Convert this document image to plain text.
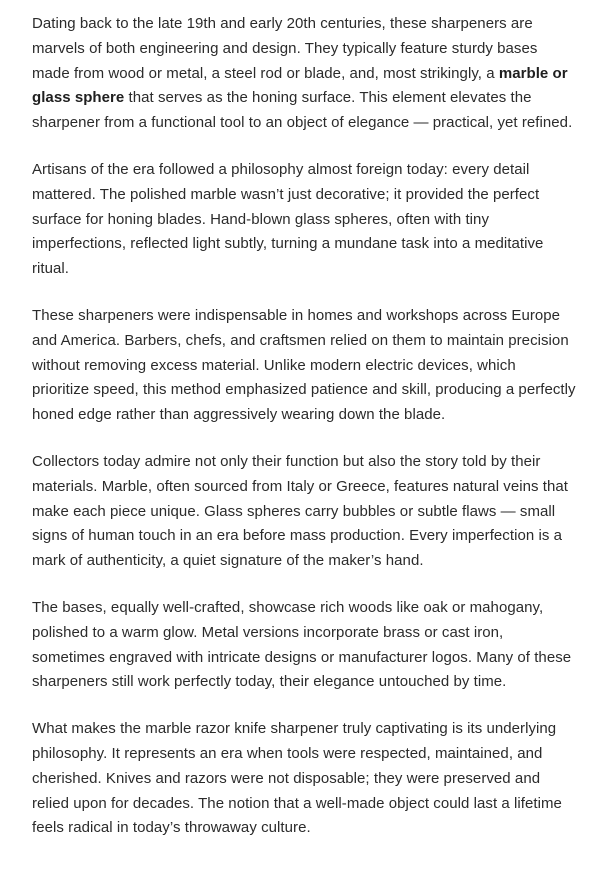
Dating back to the late 19th and early 20th centuries, these sharpeners are marvels of both engineering and design. They typically feature sturdy bases made from wood or metal, a steel rod or blade, and, most strikingly, a marble or glass sphere that serves as the honing surface. This element elevates the sharpener from a functional tool to an object of elegance — practical, yet refined.

Artisans of the era followed a philosophy almost foreign today: every detail mattered. The polished marble wasn’t just decorative; it provided the perfect surface for honing blades. Hand-blown glass spheres, often with tiny imperfections, reflected light subtly, turning a mundane task into a meditative ritual.

These sharpeners were indispensable in homes and workshops across Europe and America. Barbers, chefs, and craftsmen relied on them to maintain precision without removing excess material. Unlike modern electric devices, which prioritize speed, this method emphasized patience and skill, producing a perfectly honed edge rather than aggressively wearing down the blade.

Collectors today admire not only their function but also the story told by their materials. Marble, often sourced from Italy or Greece, features natural veins that make each piece unique. Glass spheres carry bubbles or subtle flaws — small signs of human touch in an era before mass production. Every imperfection is a mark of authenticity, a quiet signature of the maker’s hand.

The bases, equally well-crafted, showcase rich woods like oak or mahogany, polished to a warm glow. Metal versions incorporate brass or cast iron, sometimes engraved with intricate designs or manufacturer logos. Many of these sharpeners still work perfectly today, their elegance untouched by time.

What makes the marble razor knife sharpener truly captivating is its underlying philosophy. It represents an era when tools were respected, maintained, and cherished. Knives and razors were not disposable; they were preserved and relied upon for decades. The notion that a well-made object could last a lifetime feels radical in today’s throwaway culture.
